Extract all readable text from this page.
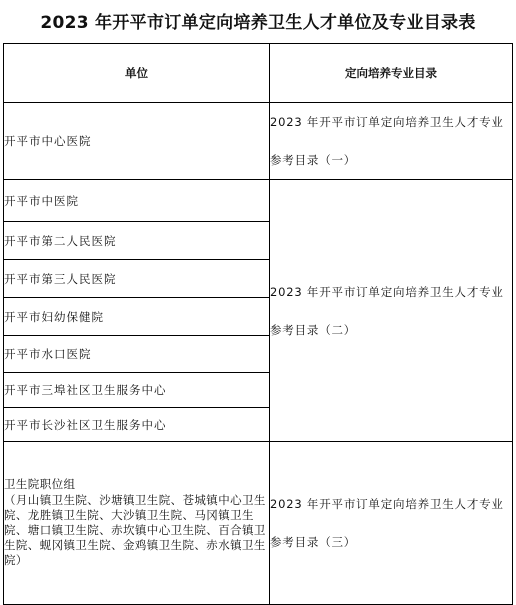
2023 年开平市订单定向培养卫生人才单位及专业目录表
单位	定向培养专业目录
开平市中心医院	2023 年开平市订单定向培养卫生人才专业参考目录（一）
开平市中医院	2023 年开平市订单定向培养卫生人才专业参考目录（二）
开平市第二人民医院	
开平市第三人民医院	
开平市妇幼保健院	
开平市水口医院	
开平市三埠社区卫生服务中心	
开平市长沙社区卫生服务中心	

卫生院职位组
（月山镇卫生院、沙塘镇卫生院、苍城镇中心卫生院、龙胜镇卫生院、大沙镇卫生院、马冈镇卫生院、塘口镇卫生院、赤坎镇中心卫生院、百合镇卫生院、蚬冈镇卫生院、金鸡镇卫生院、赤水镇卫生院）	2023 年开平市订单定向培养卫生人才专业参考目录（三）
